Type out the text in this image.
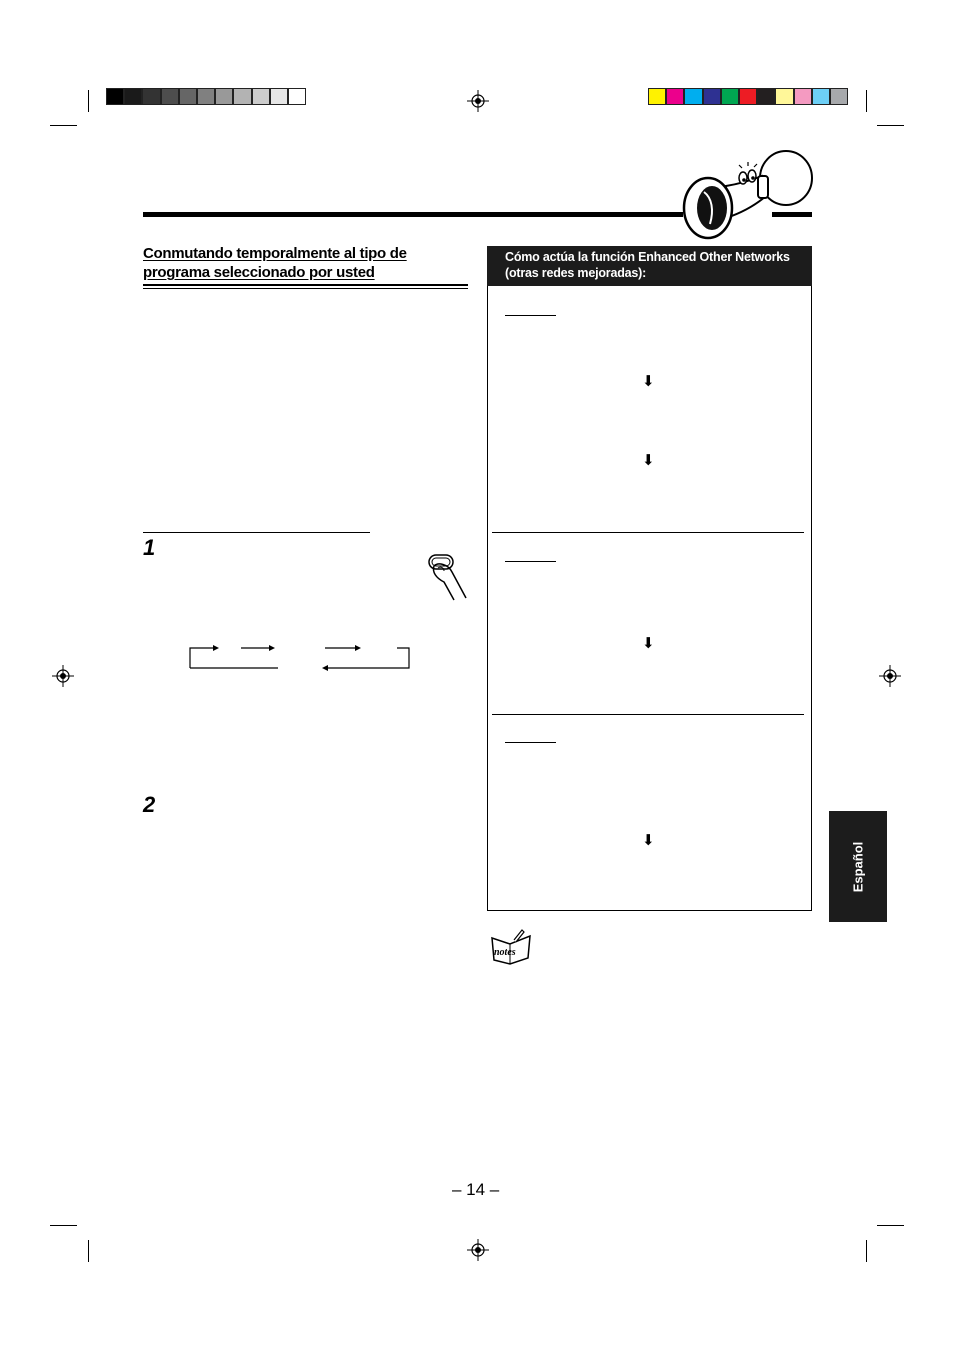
Conmutando temporalmente al tipo de
programa seleccionado por usted
1
2
Cómo actúa la función Enhanced Other Networks
(otras redes mejoradas):
⬇
⬇
⬇
⬇
notes
Español
– 14 –
